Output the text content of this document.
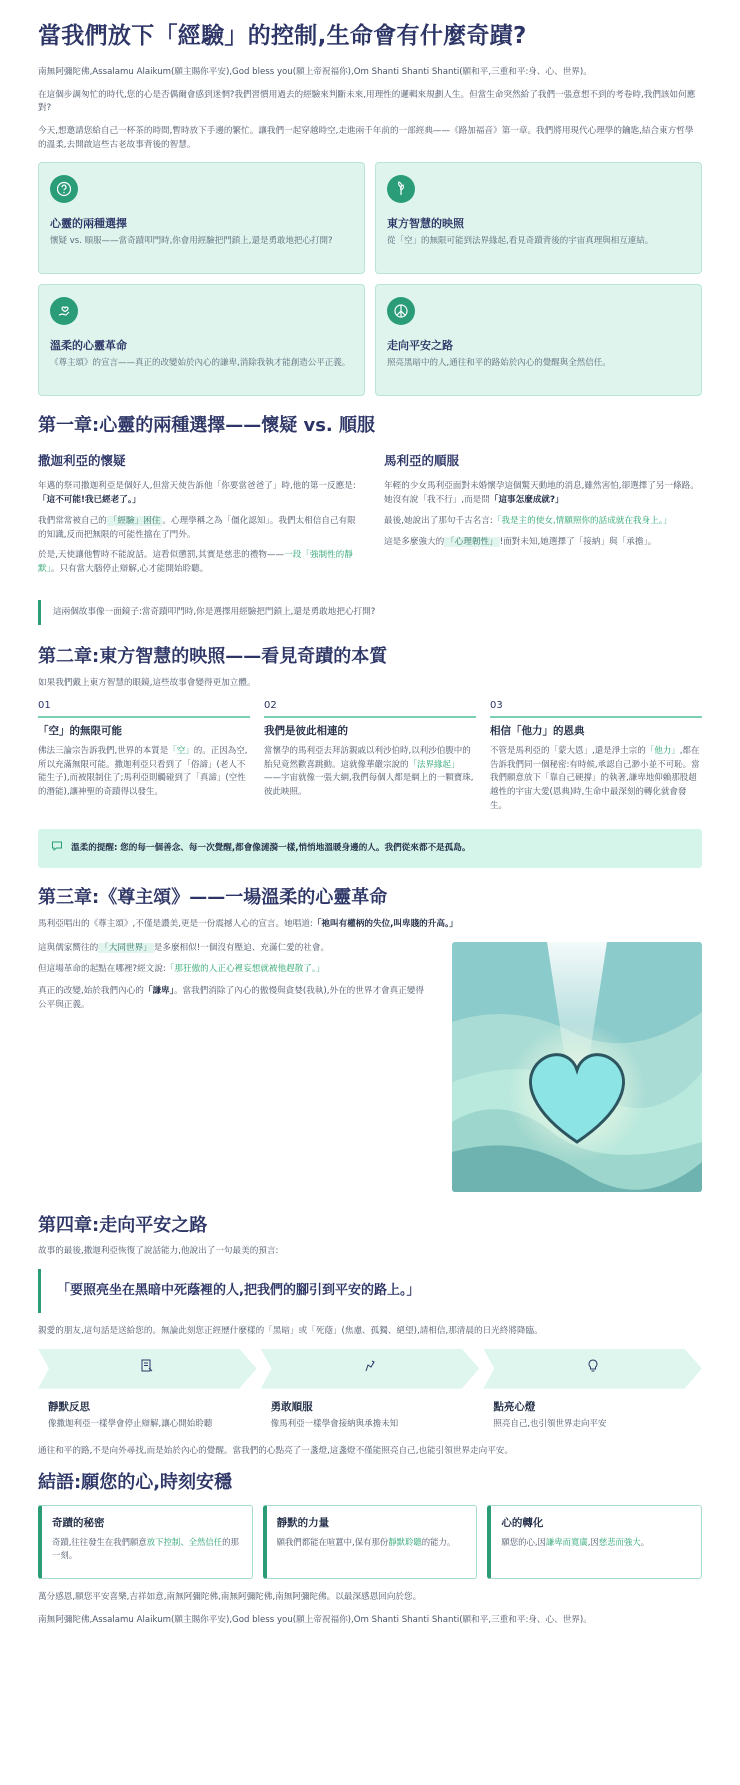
當我們放下「經驗」的控制,生命會有什麼奇蹟?

南無阿彌陀佛,Assalamu Alaikum(願主賜你平安),God bless you(願上帝祝福你),Om Shanti Shanti Shanti(願和平,三重和平:身、心、世界)。

在這個步調匆忙的時代,您的心是否偶爾會感到迷惘?我們習慣用過去的經驗來判斷未來,用理性的邏輯來規劃人生。但當生命突然給了我們一張意想不到的考卷時,我們該如何應對?

今天,想邀請您給自己一杯茶的時間,暫時放下手邊的繁忙。讓我們一起穿越時空,走進兩千年前的一部經典——《路加福音》第一章。我們將用現代心理學的鑰匙,結合東方哲學的溫柔,去開啟這些古老故事背後的智慧。

心靈的兩種選擇

懷疑 vs. 順服——當奇蹟叩門時,你會用經驗把門鎖上,還是勇敢地把心打開?

東方智慧的映照

從「空」的無限可能到法界緣起,看見奇蹟背後的宇宙真理與相互連結。

溫柔的心靈革命

《尊主頌》的宣言——真正的改變始於內心的謙卑,消除我執才能創造公平正義。

走向平安之路

照亮黑暗中的人,通往和平的路始於內心的覺醒與全然信任。

第一章:心靈的兩種選擇——懷疑 vs. 順服
撒迦利亞的懷疑

年邁的祭司撒迦利亞是個好人,但當天使告訴他「你要當爸爸了」時,他的第一反應是:「這不可能!我已經老了。」

我們常常被自己的 「經驗」困住 。心理學稱之為「僵化認知」。我們太相信自己有限的知識,反而把無限的可能性擋在了門外。

於是,天使讓他暫時不能說話。這看似懲罰,其實是慈悲的禮物——一段「強制性的靜默」。只有當大腦停止辯解,心才能開始聆聽。

馬利亞的順服

年輕的少女馬利亞面對未婚懷孕這個驚天動地的消息,雖然害怕,卻選擇了另一條路。她沒有說「我不行」,而是問「這事怎麼成就?」

最後,她說出了那句千古名言:「我是主的使女,情願照你的話成就在我身上。」

這是多麼強大的 「心理韌性」 !面對未知,她選擇了「接納」與「承擔」。

這兩個故事像一面鏡子:當奇蹟叩門時,你是選擇用經驗把門鎖上,還是勇敢地把心打開?
第二章:東方智慧的映照——看見奇蹟的本質

如果我們戴上東方智慧的眼鏡,這些故事會變得更加立體。

01
「空」的無限可能

佛法三論宗告訴我們,世界的本質是「空」的。正因為空,所以充滿無限可能。撒迦利亞只看到了「俗諦」(老人不能生子),而被限制住了;馬利亞則觸碰到了「真諦」(空性的潛能),讓神聖的奇蹟得以發生。

02
我們是彼此相連的

當懷孕的馬利亞去拜訪親戚以利沙伯時,以利沙伯腹中的胎兒竟然歡喜跳動。這就像華嚴宗說的「法界緣起」——宇宙就像一張大網,我們每個人都是網上的一顆寶珠,彼此映照。

03
相信「他力」的恩典

不管是馬利亞的「蒙大恩」,還是淨土宗的「他力」,都在告訴我們同一個秘密:有時候,承認自己渺小並不可恥。當我們願意放下「靠自己硬撐」的執著,謙卑地仰賴那股超越性的宇宙大愛(恩典)時,生命中最深刻的轉化就會發生。

溫柔的提醒: 您的每一個善念、每一次覺醒,都會像漣漪一樣,悄悄地溫暖身邊的人。我們從來都不是孤島。
第三章:《尊主頌》——一場溫柔的心靈革命

馬利亞唱出的《尊主頌》,不僅是讚美,更是一份震撼人心的宣言。她唱道:「祂叫有權柄的失位,叫卑賤的升高。」

這與儒家嚮往的 「大同世界」 是多麼相似!一個沒有壓迫、充滿仁愛的社會。

但這場革命的起點在哪裡?經文說:「那狂傲的人正心裡妄想就被他趕散了。」

真正的改變,始於我們內心的「謙卑」。當我們消除了內心的傲慢與貪婪(我執),外在的世界才會真正變得公平與正義。

第四章:走向平安之路

故事的最後,撒迦利亞恢復了說話能力,他說出了一句最美的預言:

「要照亮坐在黑暗中死蔭裡的人,把我們的腳引到平安的路上。」

親愛的朋友,這句話是送給您的。無論此刻您正經歷什麼樣的「黑暗」或「死蔭」(焦慮、孤獨、絕望),請相信,那清晨的日光終將降臨。

靜默反思

像撒迦利亞一樣學會停止辯解,讓心開始聆聽

勇敢順服

像馬利亞一樣學會接納與承擔未知

點亮心燈

照亮自己,也引領世界走向平安

通往和平的路,不是向外尋找,而是始於內心的覺醒。當我們的心點亮了一盞燈,這盞燈不僅能照亮自己,也能引領世界走向平安。

結語:願您的心,時刻安穩
奇蹟的秘密

奇蹟,往往發生在我們願意放下控制、全然信任的那一刻。

靜默的力量

願我們都能在喧囂中,保有那份靜默聆聽的能力。

心的轉化

願您的心,因謙卑而寬廣,因慈悲而強大。

萬分感恩,願您平安喜樂,吉祥如意,南無阿彌陀佛,南無阿彌陀佛,南無阿彌陀佛。以最深感恩回向於您。

南無阿彌陀佛,Assalamu Alaikum(願主賜你平安),God bless you(願上帝祝福你),Om Shanti Shanti Shanti(願和平,三重和平:身、心、世界)。
